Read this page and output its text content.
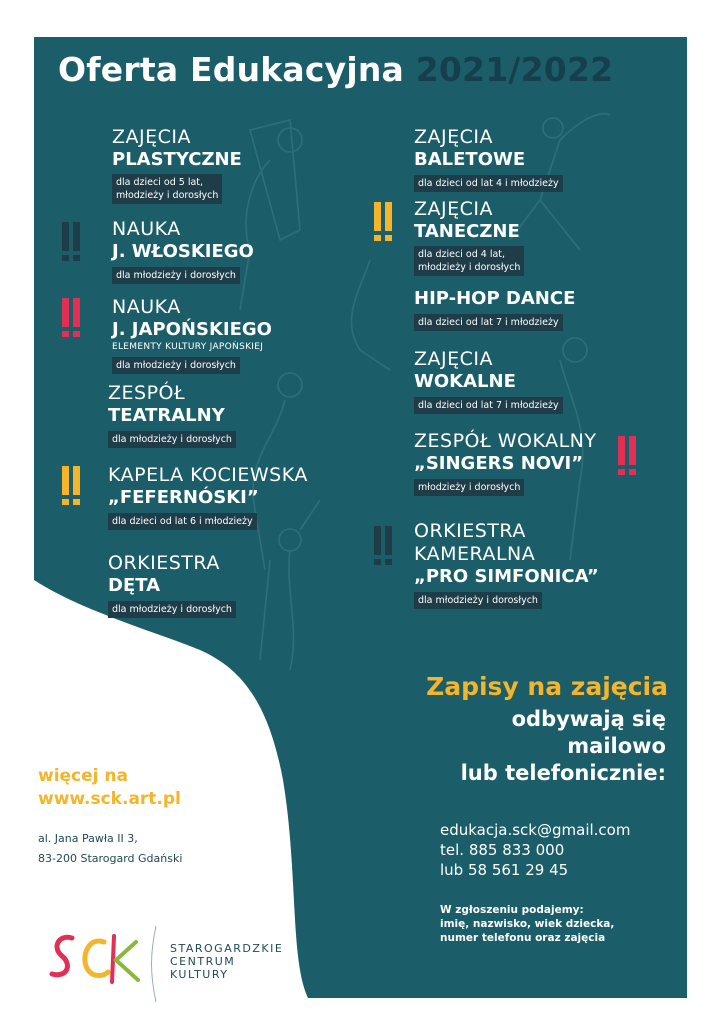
Oferta Edukacyjna 2021/2022
ZAJĘCIA
PLASTYCZNE
dla dzieci od 5 lat,
młodzieży i dorosłych
NAUKA
J. WŁOSKIEGO
dla młodzieży i dorosłych
NAUKA
J. JAPOŃSKIEGO
ELEMENTY KULTURY JAPOŃSKIEJ
dla młodzieży i dorosłych
ZESPÓŁ
TEATRALNY
dla młodzieży i dorosłych
KAPELA KOCIEWSKA
„FEFERNÓSKI”
dla dzieci od lat 6 i młodzieży
ORKIESTRA
DĘTA
dla młodzieży i dorosłych
ZAJĘCIA
BALETOWE
dla dzieci od lat 4 i młodzieży
ZAJĘCIA
TANECZNE
dla dzieci od 4 lat,
młodzieży i dorosłych
HIP-HOP DANCE
dla dzieci od lat 7 i młodzieży
ZAJĘCIA
WOKALNE
dla dzieci od lat 7 i młodzieży
ZESPÓŁ WOKALNY
„SINGERS NOVI”
młodzieży i dorosłych
ORKIESTRA
KAMERALNA
„PRO SIMFONICA”
dla młodzieży i dorosłych
Zapisy na zajęcia
odbywają się
mailowo
lub telefonicznie:
edukacja.sck@gmail.com
tel. 885 833 000
lub 58 561 29 45
W zgłoszeniu podajemy:
imię, nazwisko, wiek dziecka,
numer telefonu oraz zajęcia
więcej na
www.sck.art.pl
al. Jana Pawła II 3,
83-200 Starogard Gdański
STAROGARDZKIE
CENTRUM
KULTURY
